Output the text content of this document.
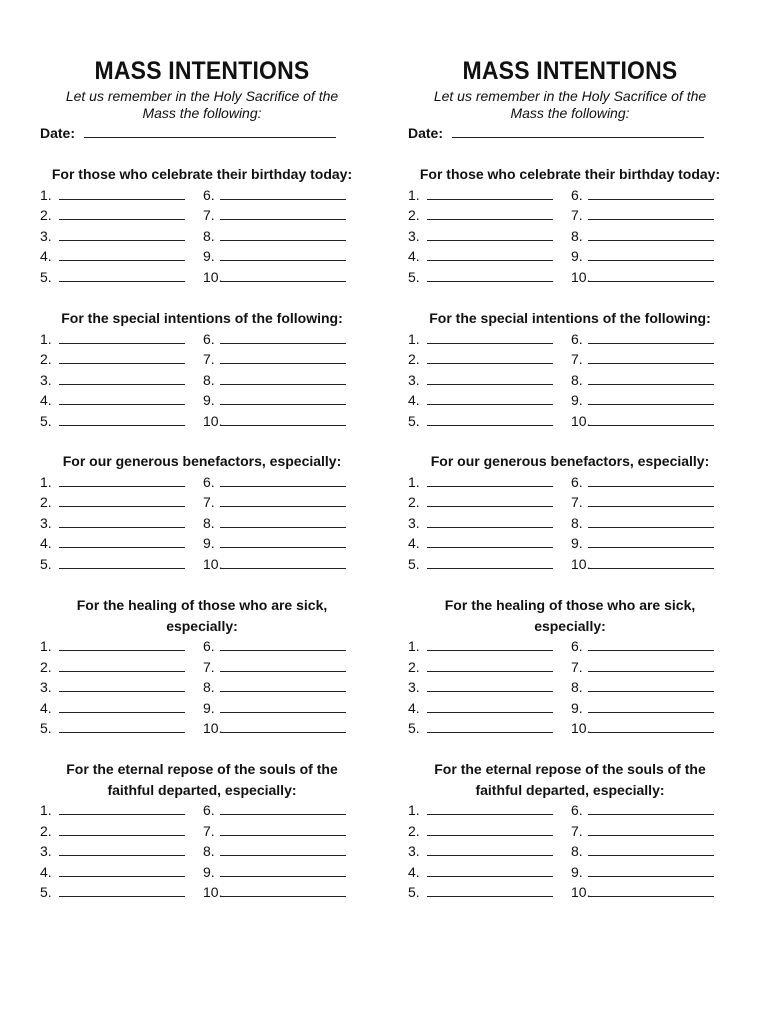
MASS INTENTIONS
Let us remember in the Holy Sacrifice of the
Mass the following:
Date:
For those who celebrate their birthday today:
1.	6.
2.	7.
3.	8.
4.	9.
5.	10.
For the special intentions of the following:
1.	6.
2.	7.
3.	8.
4.	9.
5.	10.
For our generous benefactors, especially:
1.	6.
2.	7.
3.	8.
4.	9.
5.	10.
For the healing of those who are sick,
especially:
1.	6.
2.	7.
3.	8.
4.	9.
5.	10.
For the eternal repose of the souls of the
faithful departed, especially:
1.	6.
2.	7.
3.	8.
4.	9.
5.	10.
MASS INTENTIONS
Let us remember in the Holy Sacrifice of the
Mass the following:
Date:
For those who celebrate their birthday today:
1.	6.
2.	7.
3.	8.
4.	9.
5.	10.
For the special intentions of the following:
1.	6.
2.	7.
3.	8.
4.	9.
5.	10.
For our generous benefactors, especially:
1.	6.
2.	7.
3.	8.
4.	9.
5.	10.
For the healing of those who are sick,
especially:
1.	6.
2.	7.
3.	8.
4.	9.
5.	10.
For the eternal repose of the souls of the
faithful departed, especially:
1.	6.
2.	7.
3.	8.
4.	9.
5.	10.
